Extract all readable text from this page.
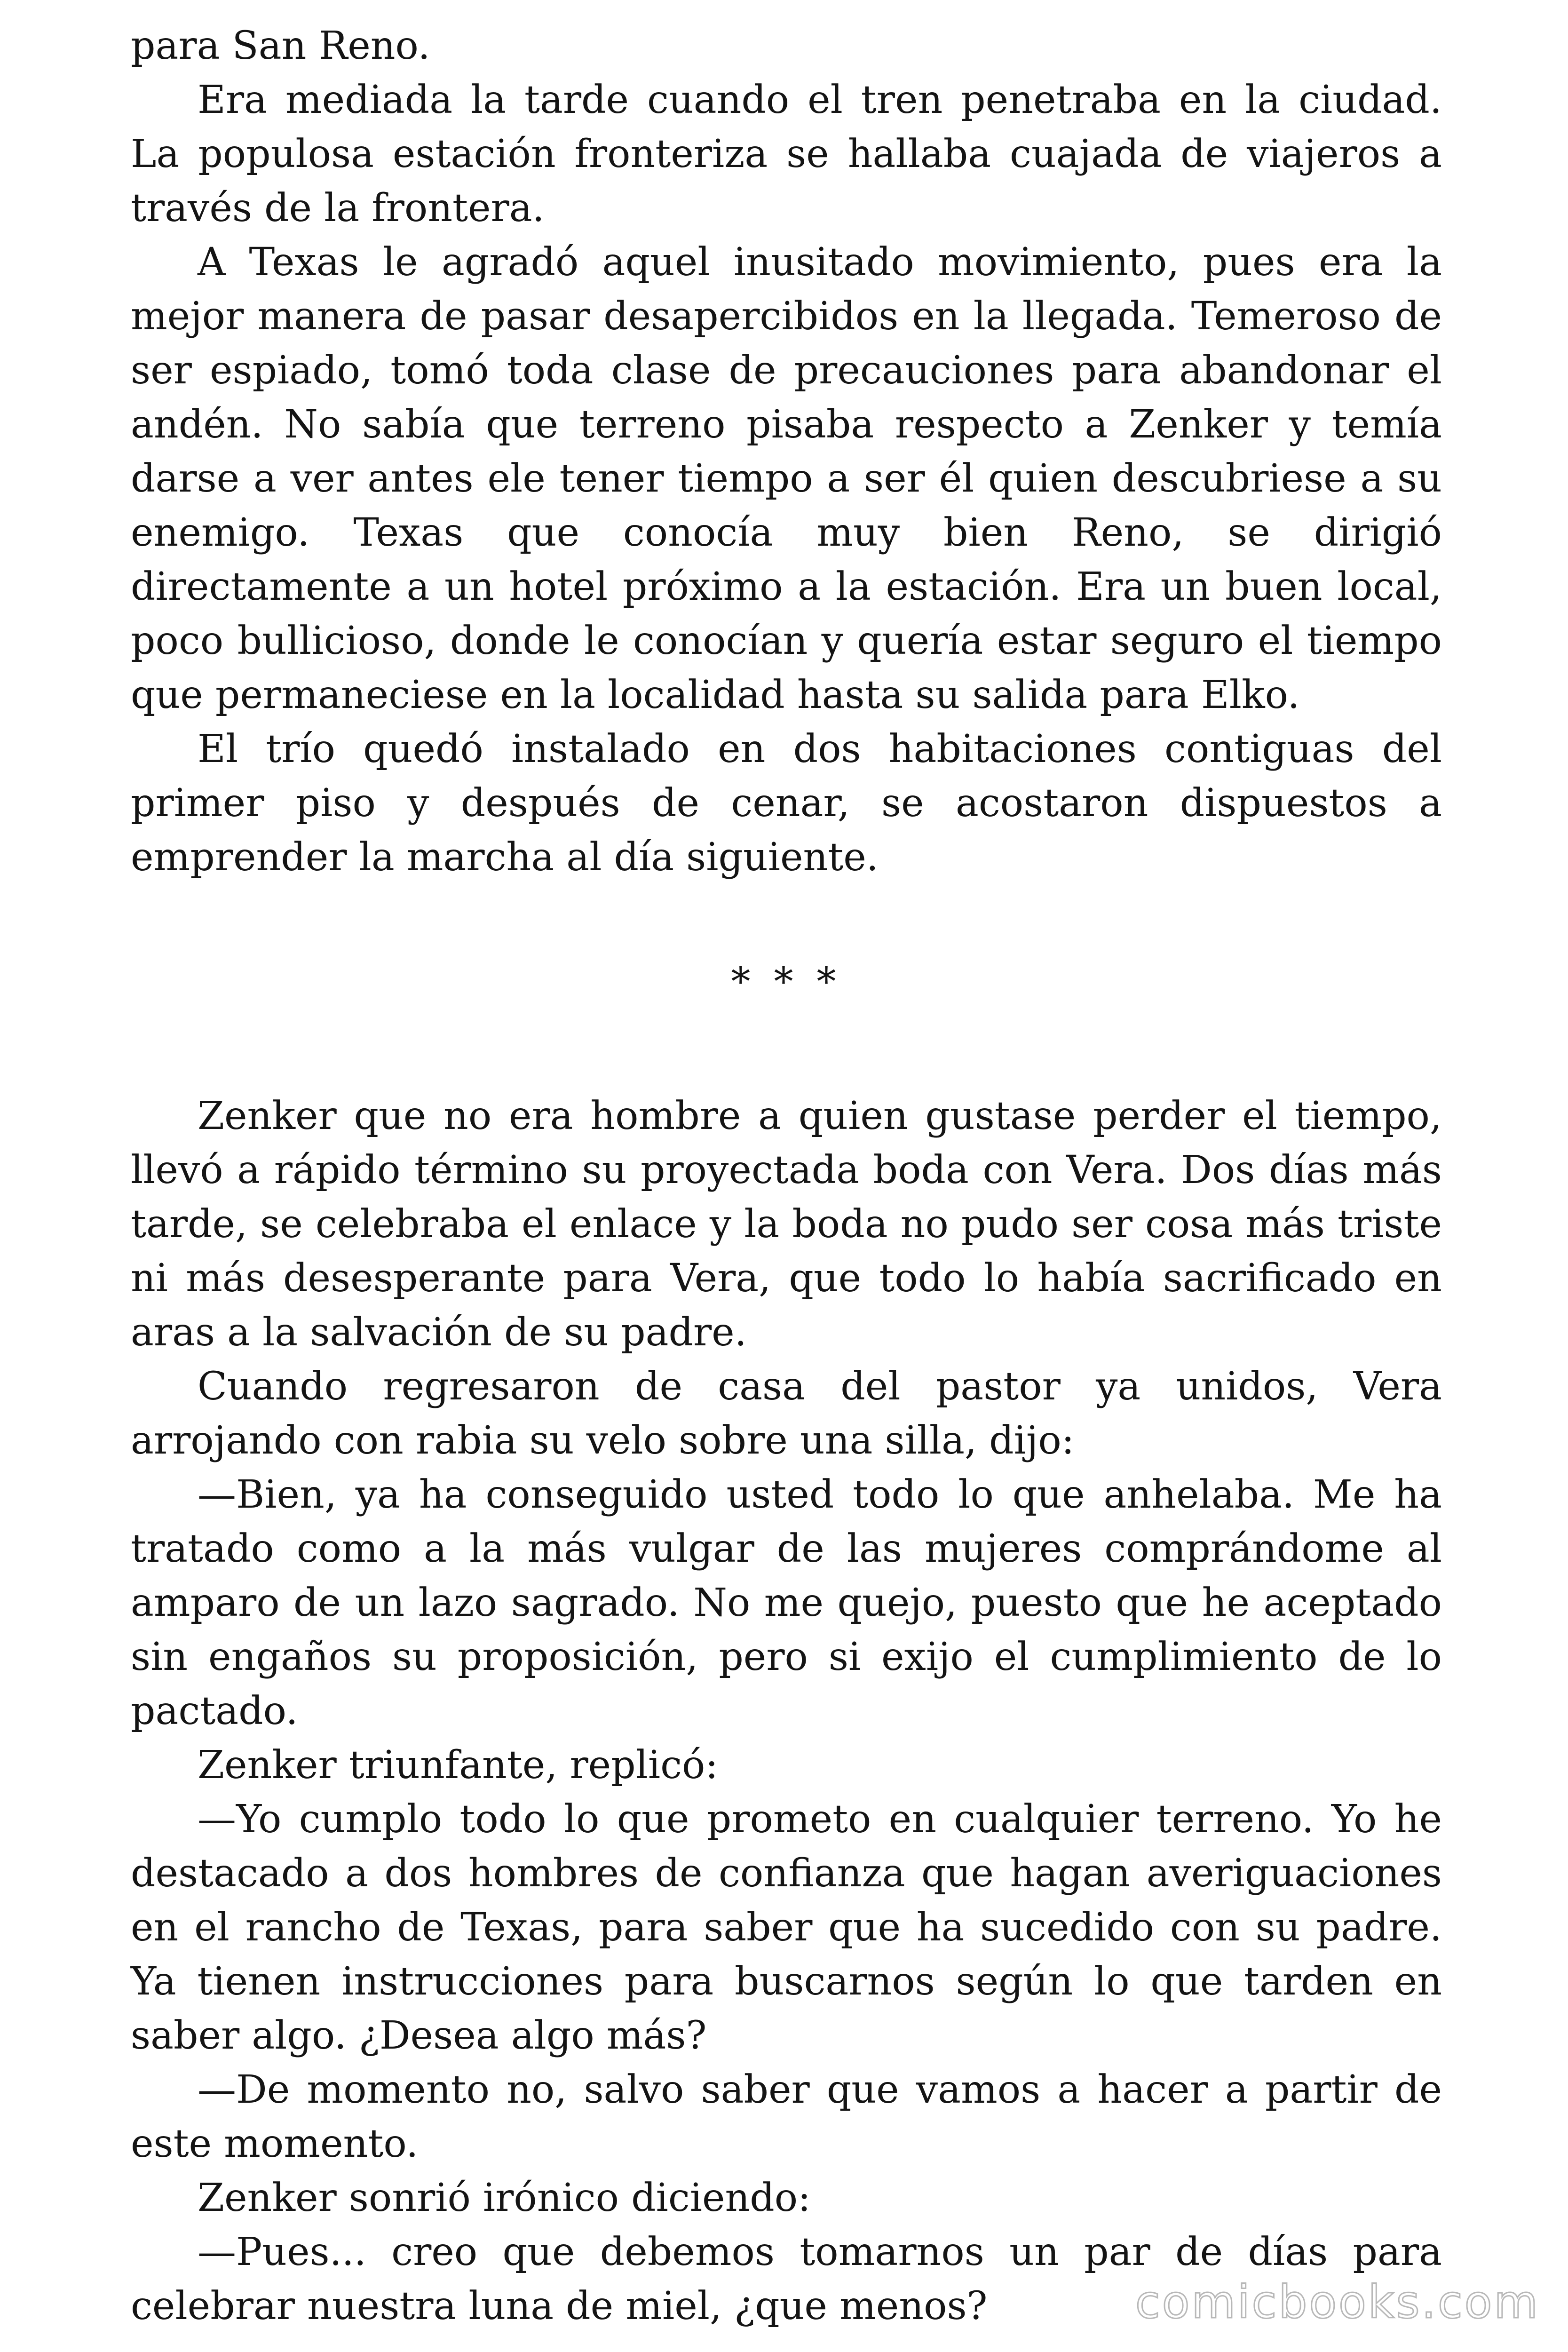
para San Reno.

Era mediada la tarde cuando el tren penetraba en la ciudad. La populosa estación fronteriza se hallaba cuajada de viajeros a través de la frontera.

A Texas le agradó aquel inusitado movimiento, pues era la mejor manera de pasar desapercibidos en la llegada. Temeroso de ser espiado, tomó toda clase de precauciones para abandonar el andén. No sabía que terreno pisaba respecto a Zenker y temía darse a ver antes ele tener tiempo a ser él quien descubriese a su enemigo. Texas que conocía muy bien Reno, se dirigió directamente a un hotel próximo a la estación. Era un buen local, poco bullicioso, donde le conocían y quería estar seguro el tiempo que permaneciese en la localidad hasta su salida para Elko.

El trío quedó instalado en dos habitaciones contiguas del primer piso y después de cenar, se acostaron dispuestos a emprender la marcha al día siguiente.

* * *

Zenker que no era hombre a quien gustase perder el tiempo, llevó a rápido término su proyectada boda con Vera. Dos días más tarde, se celebraba el enlace y la boda no pudo ser cosa más triste ni más desesperante para Vera, que todo lo había sacrificado en aras a la salvación de su padre.

Cuando regresaron de casa del pastor ya unidos, Vera arrojando con rabia su velo sobre una silla, dijo:

—Bien, ya ha conseguido usted todo lo que anhelaba. Me ha tratado como a la más vulgar de las mujeres comprándome al amparo de un lazo sagrado. No me quejo, puesto que he aceptado sin engaños su proposición, pero si exijo el cumplimiento de lo pactado.

Zenker triunfante, replicó:

—Yo cumplo todo lo que prometo en cualquier terreno. Yo he destacado a dos hombres de confianza que hagan averiguaciones en el rancho de Texas, para saber que ha sucedido con su padre. Ya tienen instrucciones para buscarnos según lo que tarden en saber algo. ¿Desea algo más?

—De momento no, salvo saber que vamos a hacer a partir de este momento.

Zenker sonrió irónico diciendo:

—Pues... creo que debemos tomarnos un par de días para celebrar nuestra luna de miel, ¿que menos?	comicbooks.com
